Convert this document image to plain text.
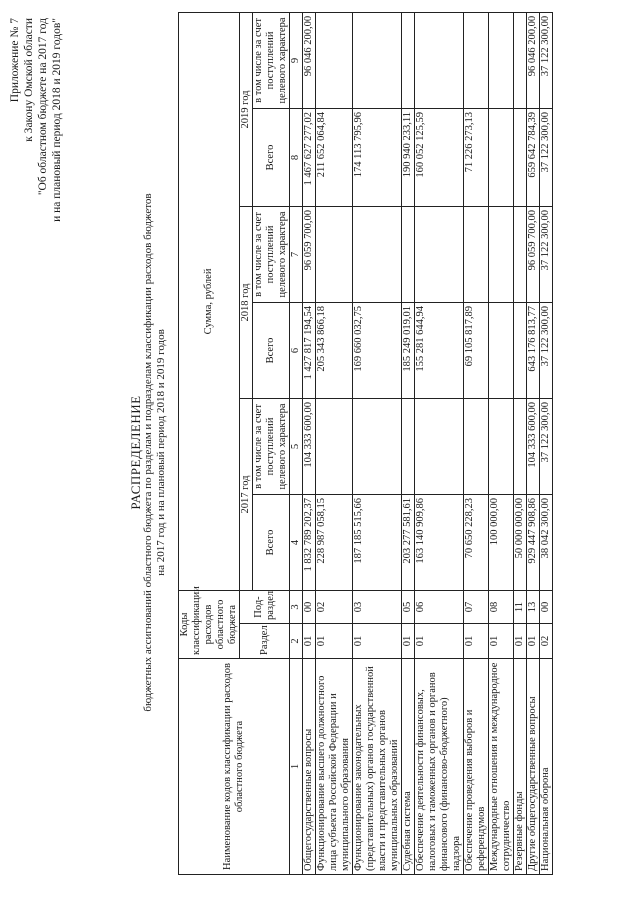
Приложение № 7 к Закону Омской области "Об областном бюджете на 2017 год и на плановый период 2018 и 2019 годов"
РАСПРЕДЕЛЕНИЕ бюджетных ассигнований областного бюджета по разделам и подразделам классификации расходов бюджетов на 2017 год и на плановый период 2018 и 2019 годов
Наименование кодов классификации расходов областного бюджета	Коды классификации расходов областного бюджета		Сумма, рублей					
	Раздел	Под-раздел	2017 год		2018 год		2019 год	
			Всего	в том числе за счет поступлений целевого характера	Всего	в том числе за счет поступлений целевого характера	Всего	в том числе за счет поступлений целевого характера
1	2	3	4	5	6	7	8	9
Общегосударственные вопросы	01	00	1 832 789 202,37	104 333 600,00	1 427 817 194,54	96 059 700,00	1 467 627 277,02	96 046 200,00
Функционирование высшего должностного лица субъекта Российской Федерации и муниципального образования	01	02	228 987 058,15		205 343 866,18		211 652 064,84	
Функционирование законодательных (представительных) органов государственной власти и представительных органов муниципальных образований	01	03	187 185 515,66		169 660 032,75		174 113 795,96	
Судебная система	01	05	203 277 581,61		185 249 019,01		190 940 233,11	
Обеспечение деятельности финансовых, налоговых и таможенных органов и органов финансового (финансово-бюджетного) надзора	01	06	163 140 909,86		155 281 644,94		160 052 125,59	
Обеспечение проведения выборов и референдумов	01	07	70 650 228,23		69 105 817,89		71 226 273,13	
Международные отношения и международное сотрудничество	01	08	100 000,00					
Резервные фонды	01	11	50 000 000,00					
Другие общегосударственные вопросы	01	13	929 447 908,86	104 333 600,00	643 176 813,77	96 059 700,00	659 642 784,39	96 046 200,00
Национальная оборона	02	00	38 042 300,00	37 122 300,00	37 122 300,00	37 122 300,00	37 122 300,00	37 122 300,00
